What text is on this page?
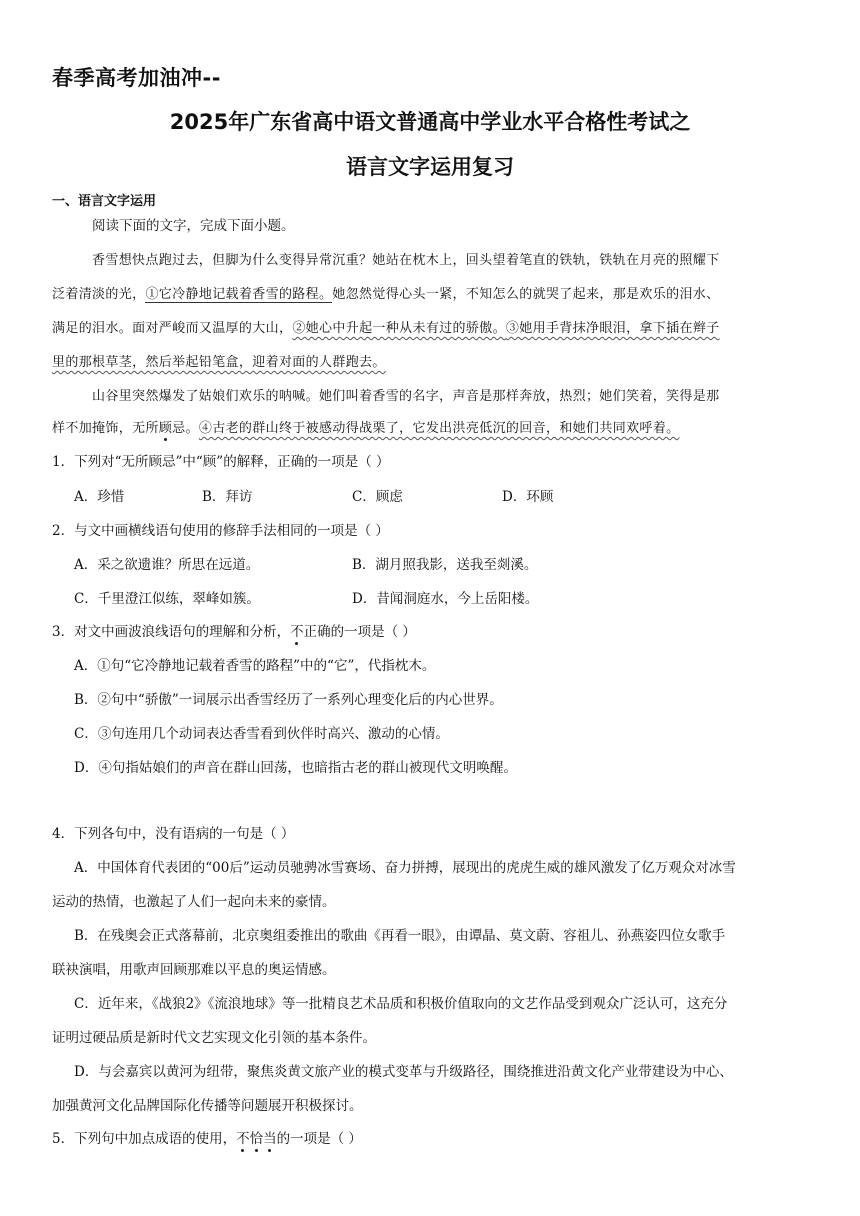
春季高考加油冲--
2025年广东省高中语文普通高中学业水平合格性考试之
语言文字运用复习
一、语言文字运用
阅读下面的文字，完成下面小题。
香雪想快点跑过去，但脚为什么变得异常沉重？她站在枕木上，回头望着笔直的铁轨，铁轨在月亮的照耀下
泛着清淡的光，①它冷静地记载着香雪的路程。她忽然觉得心头一紧，不知怎么的就哭了起来，那是欢乐的泪水、
满足的泪水。面对严峻而又温厚的大山，②她心中升起一种从未有过的骄傲。③她用手背抹净眼泪，拿下插在辫子
里的那根草茎，然后举起铅笔盒，迎着对面的人群跑去。
山谷里突然爆发了姑娘们欢乐的呐喊。她们叫着香雪的名字，声音是那样奔放，热烈；她们笑着，笑得是那
样不加掩饰，无所顾忌。④古老的群山终于被感动得战栗了，它发出洪亮低沉的回音，和她们共同欢呼着。
1．下列对“无所顾忌”中“顾”的解释，正确的一项是（ ）
A．珍惜	B．拜访	C．顾虑	D．环顾
2．与文中画横线语句使用的修辞手法相同的一项是（ ）
A．采之欲遗谁？所思在远道。	B．湖月照我影，送我至剡溪。
C．千里澄江似练，翠峰如簇。	D．昔闻洞庭水，今上岳阳楼。
3．对文中画波浪线语句的理解和分析，不正确的一项是（ ）
A．①句“它冷静地记载着香雪的路程”中的“它”，代指枕木。
B．②句中“骄傲”一词展示出香雪经历了一系列心理变化后的内心世界。
C．③句连用几个动词表达香雪看到伙伴时高兴、激动的心情。
D．④句指姑娘们的声音在群山回荡，也暗指古老的群山被现代文明唤醒。
4．下列各句中，没有语病的一句是（ ）
A．中国体育代表团的“00后”运动员驰骋冰雪赛场、奋力拼搏，展现出的虎虎生威的雄风激发了亿万观众对冰雪
运动的热情，也激起了人们一起向未来的豪情。
B．在残奥会正式落幕前，北京奥组委推出的歌曲《再看一眼》，由谭晶、莫文蔚、容祖儿、孙燕姿四位女歌手
联袂演唱，用歌声回顾那难以平息的奥运情感。
C．近年来，《战狼2》《流浪地球》等一批精良艺术品质和积极价值取向的文艺作品受到观众广泛认可，这充分
证明过硬品质是新时代文艺实现文化引领的基本条件。
D．与会嘉宾以黄河为纽带，聚焦炎黄文旅产业的模式变革与升级路径，围绕推进沿黄文化产业带建设为中心、
加强黄河文化品牌国际化传播等问题展开积极探讨。
5．下列句中加点成语的使用，不恰当的一项是（ ）
